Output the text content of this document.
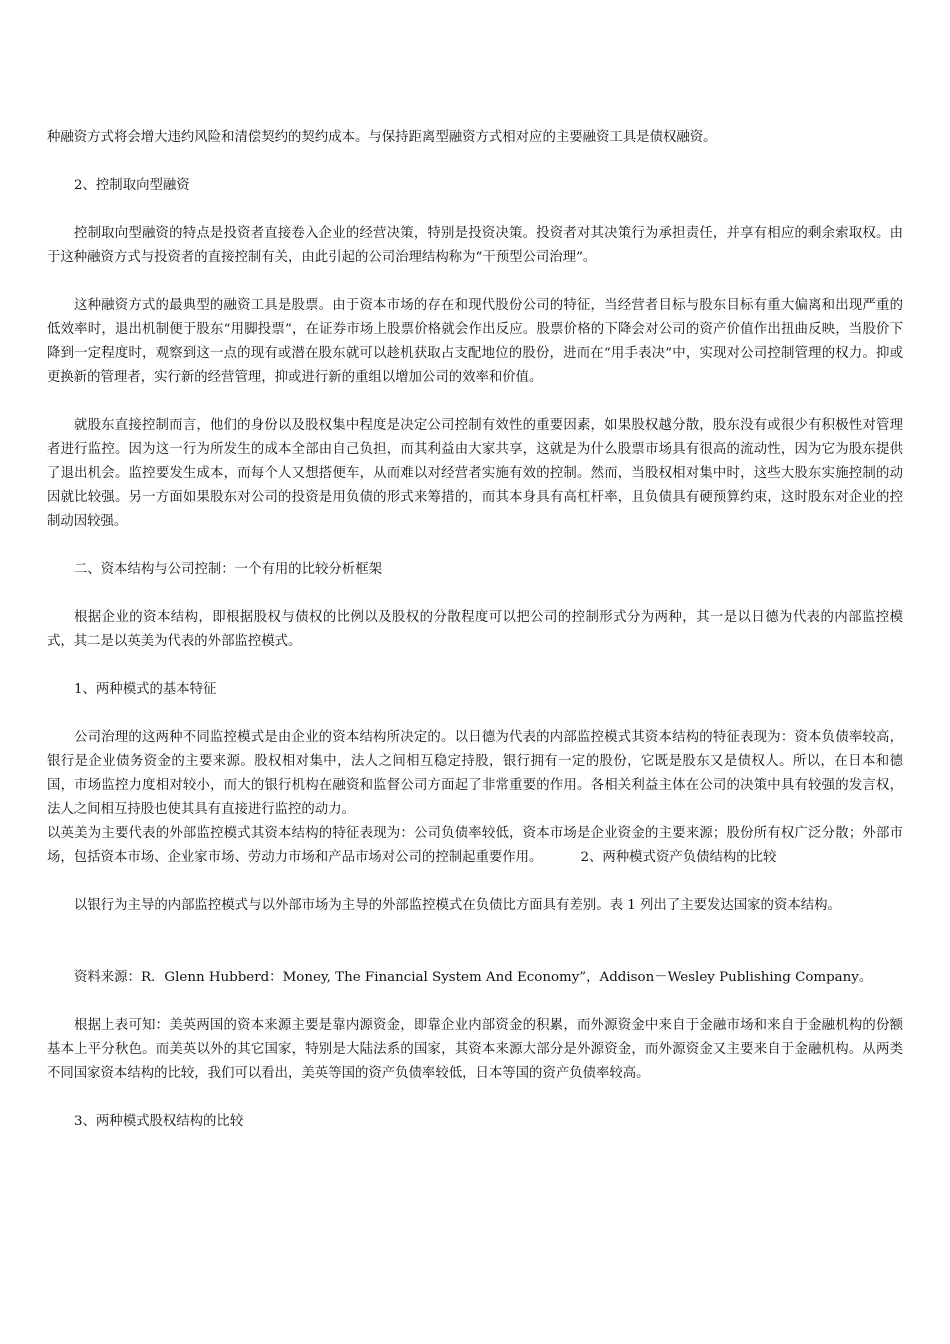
种融资方式将会增大违约风险和清偿契约的契约成本。与保持距离型融资方式相对应的主要融资工具是债权融资。

2、控制取向型融资

控制取向型融资的特点是投资者直接卷入企业的经营决策，特别是投资决策。投资者对其决策行为承担责任，并享有相应的剩余索取权。由于这种融资方式与投资者的直接控制有关，由此引起的公司治理结构称为“干预型公司治理”。

这种融资方式的最典型的融资工具是股票。由于资本市场的存在和现代股份公司的特征，当经营者目标与股东目标有重大偏离和出现严重的低效率时，退出机制便于股东“用脚投票”，在证券市场上股票价格就会作出反应。股票价格的下降会对公司的资产价值作出扭曲反映，当股价下降到一定程度时，观察到这一点的现有或潜在股东就可以趁机获取占支配地位的股份，进而在“用手表决”中，实现对公司控制管理的权力。抑或更换新的管理者，实行新的经营管理，抑或进行新的重组以增加公司的效率和价值。

就股东直接控制而言，他们的身份以及股权集中程度是决定公司控制有效性的重要因素，如果股权越分散，股东没有或很少有积极性对管理者进行监控。因为这一行为所发生的成本全部由自己负担，而其利益由大家共享，这就是为什么股票市场具有很高的流动性，因为它为股东提供了退出机会。监控要发生成本，而每个人又想搭便车，从而难以对经营者实施有效的控制。然而，当股权相对集中时，这些大股东实施控制的动因就比较强。另一方面如果股东对公司的投资是用负债的形式来筹措的，而其本身具有高杠杆率，且负债具有硬预算约束，这时股东对企业的控制动因较强。

二、资本结构与公司控制：一个有用的比较分析框架

根据企业的资本结构，即根据股权与债权的比例以及股权的分散程度可以把公司的控制形式分为两种，其一是以日德为代表的内部监控模式，其二是以英美为代表的外部监控模式。

1、两种模式的基本特征

公司治理的这两种不同监控模式是由企业的资本结构所决定的。以日德为代表的内部监控模式其资本结构的特征表现为：资本负债率较高，银行是企业债务资金的主要来源。股权相对集中，法人之间相互稳定持股，银行拥有一定的股份，它既是股东又是债权人。所以，在日本和德国，市场监控力度相对较小，而大的银行机构在融资和监督公司方面起了非常重要的作用。各相关利益主体在公司的决策中具有较强的发言权，法人之间相互持股也使其具有直接进行监控的动力。

以英美为主要代表的外部监控模式其资本结构的特征表现为：公司负债率较低，资本市场是企业资金的主要来源；股份所有权广泛分散；外部市场，包括资本市场、企业家市场、劳动力市场和产品市场对公司的控制起重要作用。	2、两种模式资产负债结构的比较

以银行为主导的内部监控模式与以外部市场为主导的外部监控模式在负债比方面具有差别。表 1 列出了主要发达国家的资本结构。

资料来源：R．Glenn Hubberd：Money, The Financial System And Economy”，Addison－Wesley Publishing Company。

根据上表可知：美英两国的资本来源主要是靠内源资金，即靠企业内部资金的积累，而外源资金中来自于金融市场和来自于金融机构的份额基本上平分秋色。而美英以外的其它国家，特别是大陆法系的国家，其资本来源大部分是外源资金，而外源资金又主要来自于金融机构。从两类不同国家资本结构的比较，我们可以看出，美英等国的资产负债率较低，日本等国的资产负债率较高。

3、两种模式股权结构的比较
